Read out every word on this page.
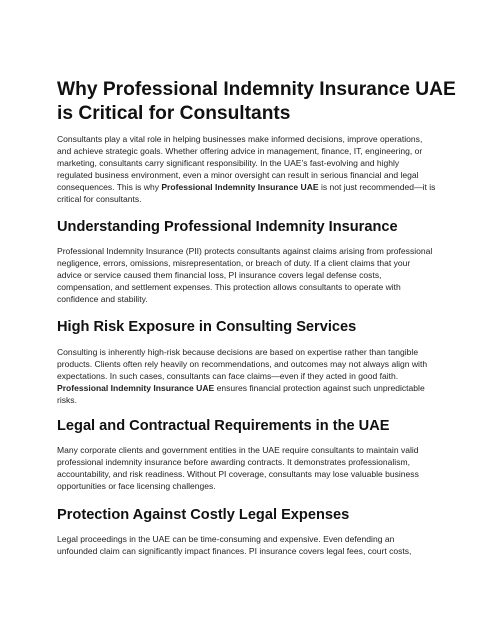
Why Professional Indemnity Insurance UAE is Critical for Consultants

Consultants play a vital role in helping businesses make informed decisions, improve operations, and achieve strategic goals. Whether offering advice in management, finance, IT, engineering, or marketing, consultants carry significant responsibility. In the UAE’s fast-evolving and highly regulated business environment, even a minor oversight can result in serious financial and legal consequences. This is why Professional Indemnity Insurance UAE is not just recommended—it is critical for consultants.

Understanding Professional Indemnity Insurance

Professional Indemnity Insurance (PII) protects consultants against claims arising from professional negligence, errors, omissions, misrepresentation, or breach of duty. If a client claims that your advice or service caused them financial loss, PI insurance covers legal defense costs, compensation, and settlement expenses. This protection allows consultants to operate with confidence and stability.

High Risk Exposure in Consulting Services

Consulting is inherently high-risk because decisions are based on expertise rather than tangible products. Clients often rely heavily on recommendations, and outcomes may not always align with expectations. In such cases, consultants can face claims—even if they acted in good faith. Professional Indemnity Insurance UAE ensures financial protection against such unpredictable risks.

Legal and Contractual Requirements in the UAE

Many corporate clients and government entities in the UAE require consultants to maintain valid professional indemnity insurance before awarding contracts. It demonstrates professionalism, accountability, and risk readiness. Without PI coverage, consultants may lose valuable business opportunities or face licensing challenges.

Protection Against Costly Legal Expenses

Legal proceedings in the UAE can be time-consuming and expensive. Even defending an unfounded claim can significantly impact finances. PI insurance covers legal fees, court costs,
